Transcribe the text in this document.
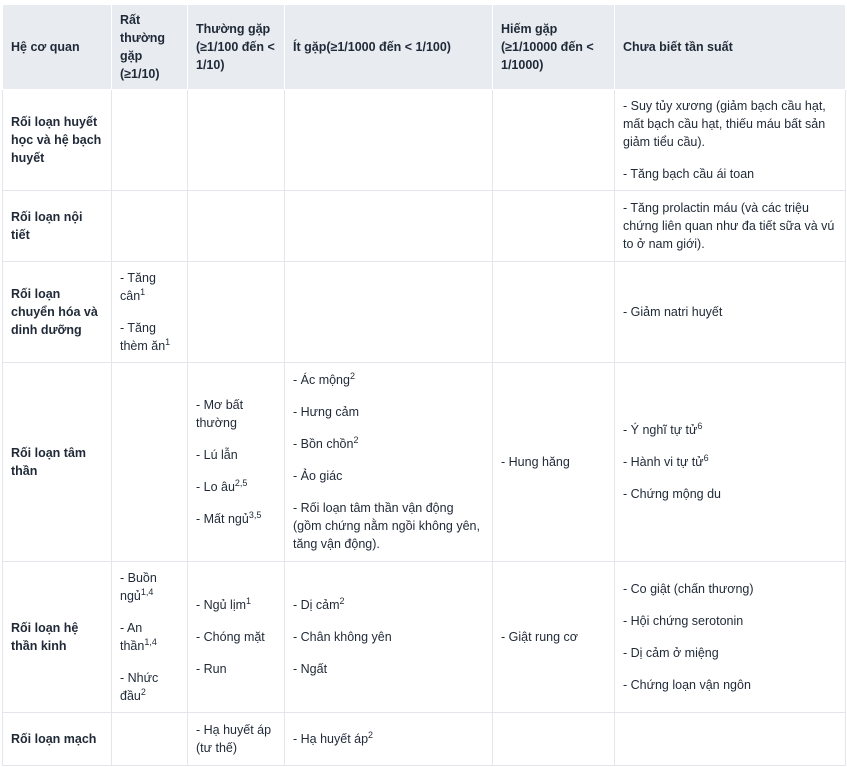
Hệ cơ quan	Rất thường gặp (≥1/10)	Thường gặp (≥1/100 đến < 1/10)	Ít gặp(≥1/1000 đến < 1/100)	Hiếm gặp (≥1/10000 đến < 1/1000)	Chưa biết tần suất
Rối loạn huyết học và hệ bạch huyết					- Suy tủy xương (giảm bạch cầu hạt, mất bạch cầu hạt, thiếu máu bất sản giảm tiểu cầu).
- Tăng bạch cầu ái toan

Rối loạn nội tiết					- Tăng prolactin máu (và các triệu chứng liên quan như đa tiết sữa và vú to ở nam giới).

Rối loạn chuyển hóa và dinh dưỡng	- Tăng cân$^1$
- Tăng thèm $ăn^1$				- Giảm natri huyết

Rối loạn tâm thần		- Mơ bất thường
- Lú lẫn
- Lo âu$^{2,5}$
- Mất ngủ$^{3,5}$	- Ác mộng$^2$
- Hưng cảm
- Bồn chồn$^2$
- Ảo giác
- Rối loạn tâm thần vận động (gồm chứng nằm ngồi không yên, tăng vận động).	- Hung hăng	- Ý nghĩ tự tử$^6$
- Hành vi tự tử$^6$
- Chứng mộng du

Rối loạn hệ thần kinh	- Buồn ngủ$^{1,4}$
- An thần$^{1,4}$
- Nhức đầu$^2$	- Ngủ lịm$^1$
- Chóng mặt
- Run	- Dị cảm$^2$
- Chân không yên
- Ngất	- Giật rung cơ	- Co giật (chấn thương)
- Hội chứng serotonin
- Dị cảm ở miệng
- Chứng loạn vận ngôn

Rối loạn mạch		- Hạ huyết áp (tư thế)	- Hạ huyết $áp^2$
